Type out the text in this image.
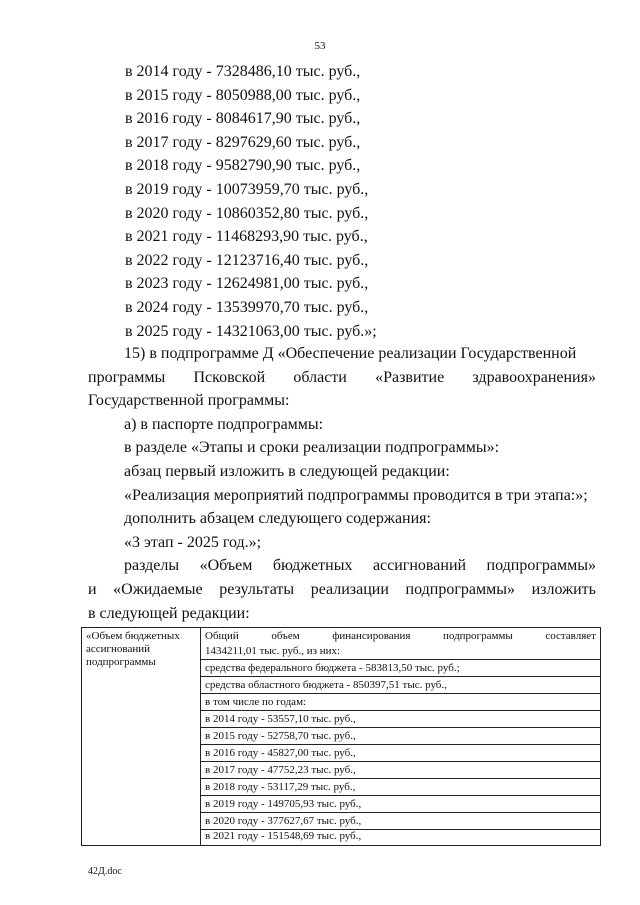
53
в 2014 году - 7328486,10 тыс. руб.,
в 2015 году - 8050988,00 тыс. руб.,
в 2016 году - 8084617,90 тыс. руб.,
в 2017 году - 8297629,60 тыс. руб.,
в 2018 году - 9582790,90 тыс. руб.,
в 2019 году - 10073959,70 тыс. руб.,
в 2020 году - 10860352,80 тыс. руб.,
в 2021 году - 11468293,90 тыс. руб.,
в 2022 году - 12123716,40 тыс. руб.,
в 2023 году - 12624981,00 тыс. руб.,
в 2024 году - 13539970,70 тыс. руб.,
в 2025 году - 14321063,00 тыс. руб.»;
15) в подпрограмме Д «Обеспечение реализации Государственной
программы Псковской области «Развитие здравоохранения»
Государственной программы:
а) в паспорте подпрограммы:
в разделе «Этапы и сроки реализации подпрограммы»:
абзац первый изложить в следующей редакции:
«Реализация мероприятий подпрограммы проводится в три этапа:»;
дополнить абзацем следующего содержания:
«3 этап - 2025 год.»;
разделы «Объем бюджетных ассигнований подпрограммы»
и «Ожидаемые результаты реализации подпрограммы» изложить
в следующей редакции:
«Объем бюджетных ассигнований подпрограммы

Общий	объем	финансирования	подпрограммы	составляет
1434211,01 тыс. руб., из них:
средства федерального бюджета - 583813,50 тыс. руб.;
средства областного бюджета - 850397,51 тыс. руб.,
в том числе по годам:
в 2014 году - 53557,10 тыс. руб.,
в 2015 году - 52758,70 тыс. руб.,
в 2016 году - 45827,00 тыс. руб.,
в 2017 году - 47752,23 тыс. руб.,
в 2018 году - 53117,29 тыс. руб.,
в 2019 году - 149705,93 тыс. руб.,
в 2020 году - 377627,67 тыс. руб.,
в 2021 году - 151548,69 тыс. руб.,
42Д.doc
